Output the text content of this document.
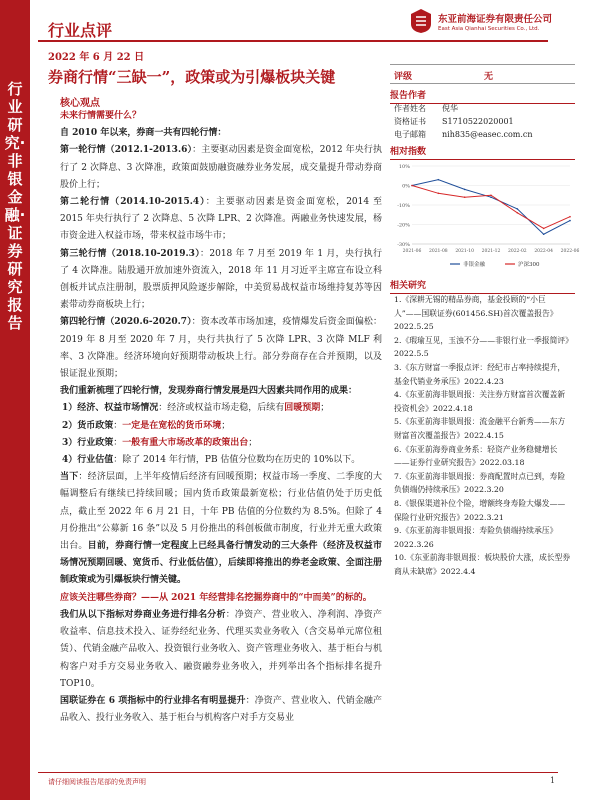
行业研究·非银金融·证券研究报告
行业点评
2022 年 6 月 22 日
东亚前海证券有限责任公司
East Asia Qianhai Securities Co., Ltd.
券商行情“三缺一”，政策或为引爆板块关键
核心观点

未来行情需要什么？

自 2010 年以来，券商一共有四轮行情：

第一轮行情（2012.1-2013.6）：主要驱动因素是资金面宽松，2012 年央行执行了 2 次降息、3 次降准，政策面鼓励融资融券业务发展，成交量提升带动券商股价上行；

第二轮行情（2014.10-2015.4）：主要驱动因素是资金面宽松，2014 至 2015 年央行执行了 2 次降息、5 次降 LPR、2 次降准。两融业务快速发展，杨市资金进入权益市场，带来权益市场牛市；

第三轮行情（2018.10-2019.3）：2018 年 7 月至 2019 年 1 月，央行执行了 4 次降准。陆股通开放加速外资流入，2018 年 11 月习近平主席宣布设立科创板并试点注册制，股票质押风险逐步解除，中美贸易战权益市场维持复苏等因素带动券商板块上行；

第四轮行情（2020.6-2020.7）：资本改革市场加速，疫情爆发后资金面偏松：2019 年 8 月至 2020 年 7 月，央行共执行了 5 次降 LPR、3 次降 MLF 利率、3 次降准。经济环境向好预期带动板块上行。部分券商存在合并预期，以及银证混业预期；

我们重新梳理了四轮行情，发现券商行情发展是四大因素共同作用的成果：

1）经济、权益市场情况：经济或权益市场走稳，后续有回暖预期；

2）货币政策：一定是在宽松的货币环境；

3）行业政策：一般有重大市场改革的政策出台；

4）行业估值：除了 2014 年行情，PB 估值分位数均在历史的 10%以下。

当下：经济层面，上半年疫情后经济有回暖预期；权益市场一季度、二季度的大幅调整后有继续已持续回暖；国内货币政策最新宽松；行业估值仍处于历史低点，截止至 2022 年 6 月 21 日，十年 PB 估值的分位数约为 8.5%。但除了 4 月份推出“公募新 16 条”以及 5 月份推出的科创板做市制度，行业并无重大政策出台。目前，券商行情一定程度上已经具备行情发动的三大条件（经济及权益市场情况预期回暖、宽货币、行业低估值），后续即将推出的券老金政策、全面注册制政策或为引爆板块行情关键。

应该关注哪些券商？——从 2021 年经营排名挖掘券商中的“中而美”的标的。

我们从以下指标对券商业务进行排名分析：净资产、营业收入、净利润、净资产收益率、信息技术投入、证券经纪业务、代理买卖业务收入（含交易单元席位租赁）、代销金融产品收入、投资银行业务收入、资产管理业务收入、基于柜台与机构客户对手方交易业务收入、融资融券业务收入，并列举出各个指标排名提升 TOP10。

国联证券在 6 项指标中的行业排名有明显提升：净资产、营业收入、代销金融产品收入、投行业务收入、基于柜台与机构客户对手方交易业

评级	无
报告作者
作者姓名 倪华
资格证书 S1710522020001
电子邮箱 nih835@easec.com.cn
相对指数
-30%
-20%
-10%
0%
10%
2021-06 2021-08 2021-10 2021-12 2022-02 2022-04 2022-06
非银金融	沪深300
相关研究

1.《深耕无锡的精品券商，基金投顾的“小巨人”——国联证券(601456.SH)首次覆盖报告》2022.5.25

2.《瑕瑜互见，玉浊不分——非银行业一季报简评》2022.5.5

3.《东方财富一季报点评：经纪市占率持续提升，基金代销业务承压》2022.4.23

4.《东亚前海非银周报：关注券方财富首次覆盖新投资机会》2022.4.18

5.《东亚前海非银周报：流金融平台新秀——东方财富首次覆盖报告》2022.4.15

6.《东亚前海券商业务系：轻资产业务稳健增长——证券行业研究报告》2022.03.18

7.《东亚前海非银周报：券商配置时点已到，寿险负债端仍持续承压》2022.3.20

8.《银保渠道补位个险，增额终身寿险大爆发——保险行业研究报告》2022.3.21

9.《东亚前海非银周报：寿险负债端持续承压》2022.3.26

10.《东亚前海非银周报：板块股价大涨，成长型券商从未缺席》2022.4.4

请仔细阅读报告尾部的免责声明	1
